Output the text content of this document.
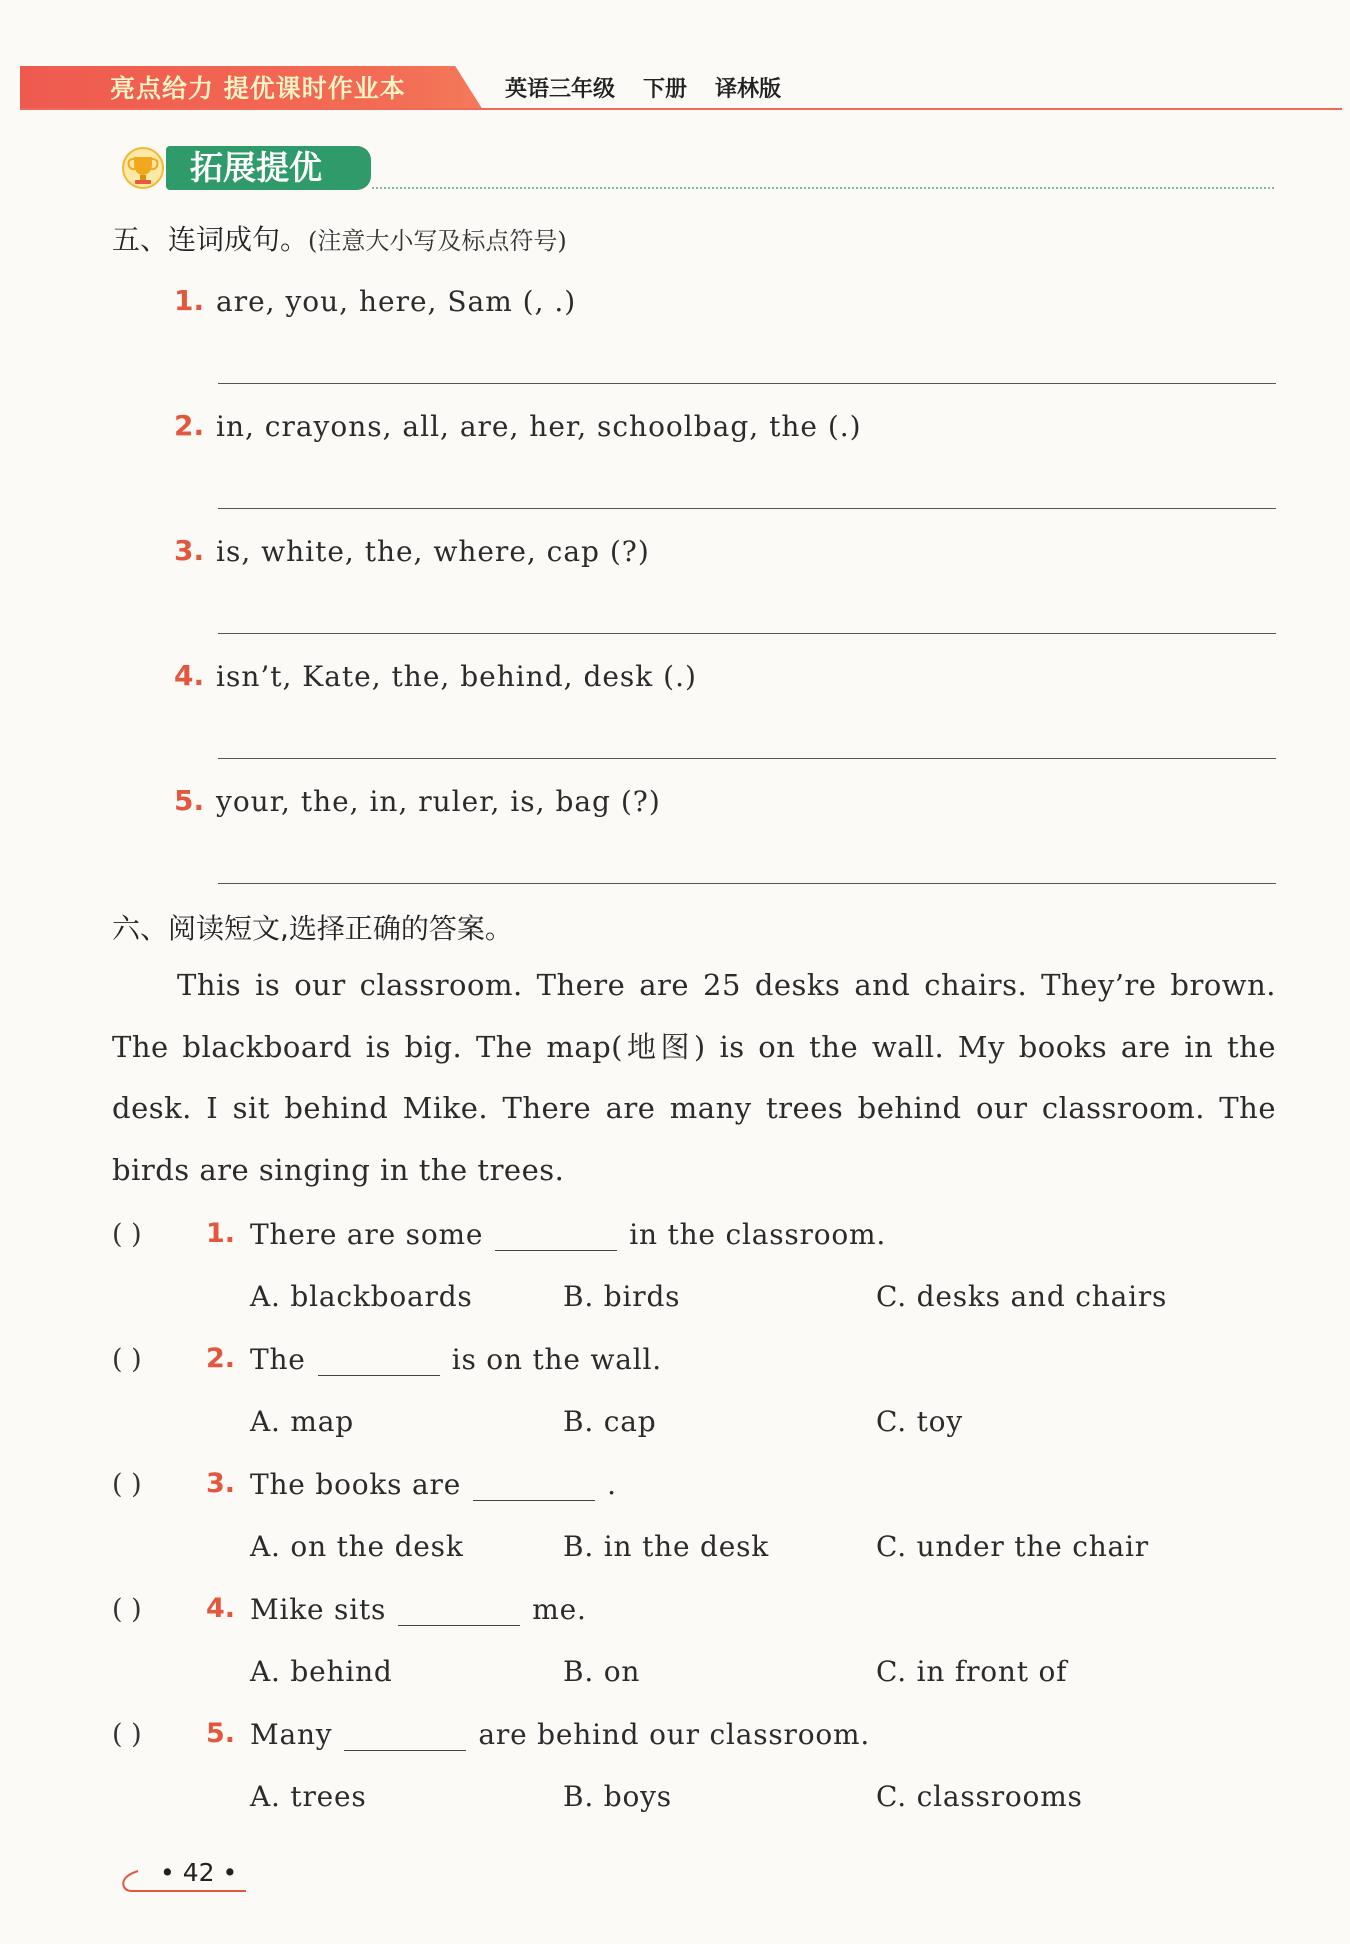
亮点给力 提优课时作业本	英语三年级 下册 译林版
拓展提优
五、连词成句。(注意大小写及标点符号)
1. are, you, here, Sam (, .)
2. in, crayons, all, are, her, schoolbag, the (.)
3. is, white, the, where, cap (?)
4. isn’t, Kate, the, behind, desk (.)
5. your, the, in, ruler, is, bag (?)
六、阅读短文,选择正确的答案。
This is our classroom. There are 25 desks and chairs. They’re brown. The blackboard is big. The map(地图) is on the wall. My books are in the desk. I sit behind Mike. There are many trees behind our classroom. The birds are singing in the trees.
( ) 1. There are some	in the classroom.
A. blackboards	B. birds	C. desks and chairs
( ) 2. The	is on the wall.
A. map	B. cap	C. toy
( ) 3. The books are	.
A. on the desk	B. in the desk	C. under the chair
( ) 4. Mike sits	me.
A. behind	B. on	C. in front of
( ) 5. Many	are behind our classroom.
A. trees	B. boys	C. classrooms
• 42 •
